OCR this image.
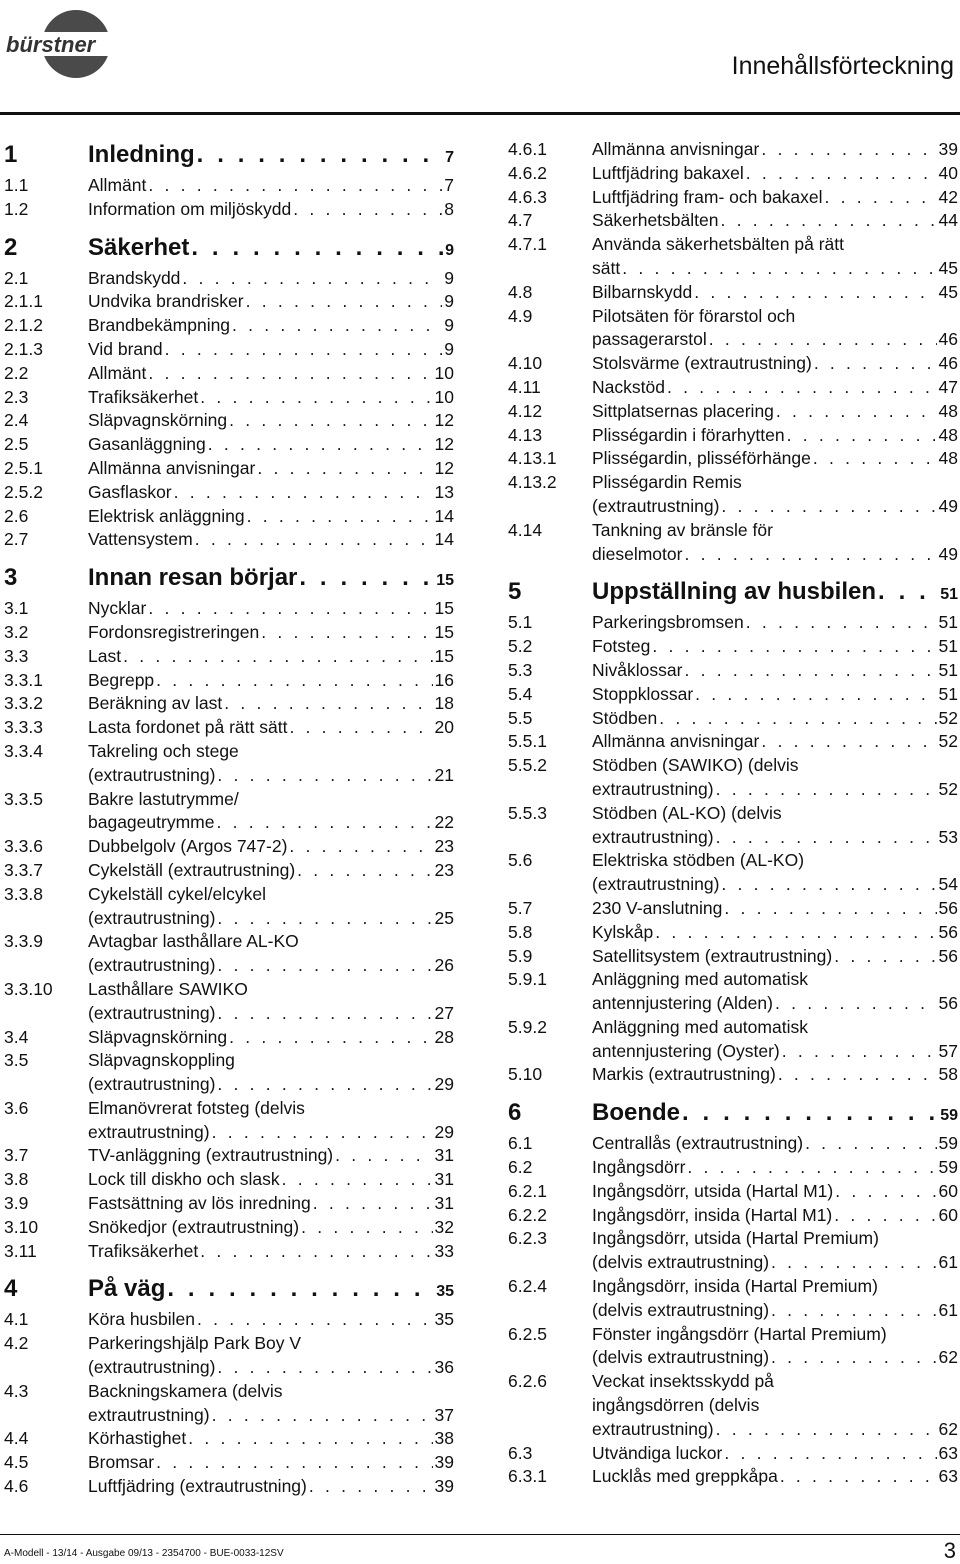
bürstner
Innehållsförteckning
1	Inledning . . .	7
1.1	Allmänt . . .	7
1.2	Information om miljöskydd . . .	8
2	Säkerhet . . .	9
2.1	Brandskydd . . .	9
2.1.1	Undvika brandrisker . . .	9
2.1.2	Brandbekämpning . . .	9
2.1.3	Vid brand . . .	9
2.2	Allmänt . . .	10
2.3	Trafiksäkerhet . . .	10
2.4	Släpvagnskörning . . .	12
2.5	Gasanläggning . . .	12
2.5.1	Allmänna anvisningar . . .	12
2.5.2	Gasflaskor . . .	13
2.6	Elektrisk anläggning . . .	14
2.7	Vattensystem . . .	14
3	Innan resan börjar . . .	15
3.1	Nycklar . . .	15
3.2	Fordonsregistreringen . . .	15
3.3	Last . . .	15
3.3.1	Begrepp . . .	16
3.3.2	Beräkning av last . . .	18
3.3.3	Lasta fordonet på rätt sätt . . .	20
3.3.4	Takreling och stege
(extrautrustning) . . .	21
3.3.5	Bakre lastutrymme/
bagageutrymme . . .	22
3.3.6	Dubbelgolv (Argos 747-2) . . .	23
3.3.7	Cykelställ (extrautrustning) . . .	23
3.3.8	Cykelställ cykel/elcykel
(extrautrustning) . . .	25
3.3.9	Avtagbar lasthållare AL-KO
(extrautrustning) . . .	26
3.3.10	Lasthållare SAWIKO
(extrautrustning) . . .	27
3.4	Släpvagnskörning . . .	28
3.5	Släpvagnskoppling
(extrautrustning) . . .	29
3.6	Elmanövrerat fotsteg (delvis
extrautrustning) . . .	29
3.7	TV-anläggning (extrautrustning) . . .	31
3.8	Lock till diskho och slask . . .	31
3.9	Fastsättning av lös inredning . . .	31
3.10	Snökedjor (extrautrustning) . . .	32
3.11	Trafiksäkerhet . . .	33
4	På väg . . .	35
4.1	Köra husbilen . . .	35
4.2	Parkeringshjälp Park Boy V
(extrautrustning) . . .	36
4.3	Backningskamera (delvis
extrautrustning) . . .	37
4.4	Körhastighet . . .	38
4.5	Bromsar . . .	39
4.6	Luftfjädring (extrautrustning) . . .	39
4.6.1	Allmänna anvisningar . . .	39
4.6.2	Luftfjädring bakaxel . . .	40
4.6.3	Luftfjädring fram- och bakaxel . . .	42
4.7	Säkerhetsbälten . . .	44
4.7.1	Använda säkerhetsbälten på rätt
sätt . . .	45
4.8	Bilbarnskydd . . .	45
4.9	Pilotsäten för förarstol och
passagerarstol . . .	46
4.10	Stolsvärme (extrautrustning) . . .	46
4.11	Nackstöd . . .	47
4.12	Sittplatsernas placering . . .	48
4.13	Plisségardin i förarhytten . . .	48
4.13.1	Plisségardin, plisséförhänge . . .	48
4.13.2	Plisségardin Remis
(extrautrustning) . . .	49
4.14	Tankning av bränsle för
dieselmotor . . .	49
5	Uppställning av husbilen . . .	51
5.1	Parkeringsbromsen . . .	51
5.2	Fotsteg . . .	51
5.3	Nivåklossar . . .	51
5.4	Stoppklossar . . .	51
5.5	Stödben . . .	52
5.5.1	Allmänna anvisningar . . .	52
5.5.2	Stödben (SAWIKO) (delvis
extrautrustning) . . .	52
5.5.3	Stödben (AL-KO) (delvis
extrautrustning) . . .	53
5.6	Elektriska stödben (AL-KO)
(extrautrustning) . . .	54
5.7	230 V-anslutning . . .	56
5.8	Kylskåp . . .	56
5.9	Satellitsystem (extrautrustning) . . .	56
5.9.1	Anläggning med automatisk
antennjustering (Alden) . . .	56
5.9.2	Anläggning med automatisk
antennjustering (Oyster) . . .	57
5.10	Markis (extrautrustning) . . .	58
6	Boende . . .	59
6.1	Centrallås (extrautrustning) . . .	59
6.2	Ingångsdörr . . .	59
6.2.1	Ingångsdörr, utsida (Hartal M1) . . .	60
6.2.2	Ingångsdörr, insida (Hartal M1) . . .	60
6.2.3	Ingångsdörr, utsida (Hartal Premium)
(delvis extrautrustning) . . .	61
6.2.4	Ingångsdörr, insida (Hartal Premium)
(delvis extrautrustning) . . .	61
6.2.5	Fönster ingångsdörr (Hartal Premium)
(delvis extrautrustning) . . .	62
6.2.6	Veckat insektsskydd på
ingångsdörren (delvis
extrautrustning) . . .	62
6.3	Utvändiga luckor . . .	63
6.3.1	Lucklås med greppkåpa . . .	63
A-Modell - 13/14 - Ausgabe 09/13 - 2354700 - BUE-0033-12SV	3
